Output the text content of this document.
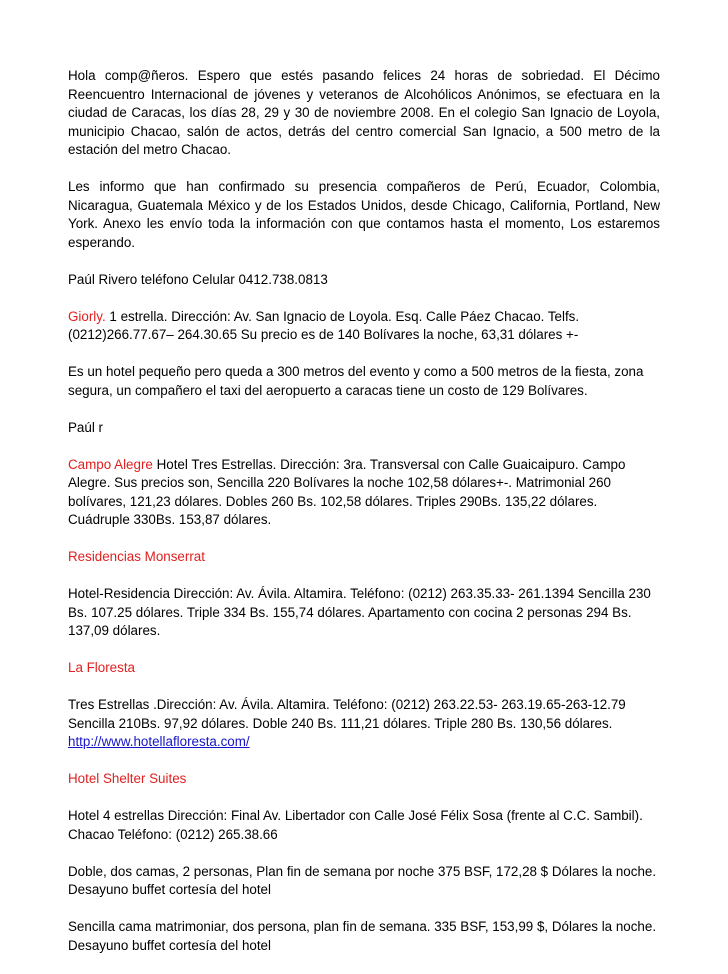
Hola comp@ñeros. Espero que estés pasando felices 24 horas de sobriedad. El Décimo Reencuentro Internacional de jóvenes y veteranos de Alcohólicos Anónimos, se efectuara en la ciudad de Caracas, los días 28, 29 y 30 de noviembre 2008. En el colegio San Ignacio de Loyola, municipio Chacao, salón de actos, detrás del centro comercial San Ignacio, a 500 metro de la estación del metro Chacao.

Les informo que han confirmado su presencia compañeros de Perú, Ecuador, Colombia, Nicaragua, Guatemala México y de los Estados Unidos, desde Chicago, California, Portland, New York. Anexo les envío toda la información con que contamos hasta el momento, Los estaremos esperando.

Paúl Rivero teléfono Celular 0412.738.0813

Giorly. 1 estrella. Dirección: Av. San Ignacio de Loyola. Esq. Calle Páez Chacao. Telfs. (0212)266.77.67– 264.30.65 Su precio es de 140 Bolívares la noche, 63,31 dólares +-

Es un hotel pequeño pero queda a 300 metros del evento y como a 500 metros de la fiesta, zona segura, un compañero el taxi del aeropuerto a caracas tiene un costo de 129 Bolívares.

Paúl r

Campo Alegre Hotel Tres Estrellas. Dirección: 3ra. Transversal con Calle Guaicaipuro. Campo Alegre. Sus precios son, Sencilla 220 Bolívares la noche 102,58 dólares+-. Matrimonial 260 bolívares, 121,23 dólares. Dobles 260 Bs. 102,58 dólares. Triples 290Bs. 135,22 dólares. Cuádruple 330Bs. 153,87 dólares.

Residencias Monserrat

Hotel-Residencia Dirección: Av. Ávila. Altamira. Teléfono: (0212) 263.35.33- 261.1394 Sencilla 230 Bs. 107.25 dólares. Triple 334 Bs. 155,74 dólares. Apartamento con cocina 2 personas 294 Bs. 137,09 dólares.

La Floresta

Tres Estrellas .Dirección: Av. Ávila. Altamira. Teléfono: (0212) 263.22.53- 263.19.65-263-12.79 Sencilla 210Bs. 97,92 dólares. Doble 240 Bs. 111,21 dólares. Triple 280 Bs. 130,56 dólares. http://www.hotellafloresta.com/

Hotel Shelter Suites

Hotel 4 estrellas Dirección: Final Av. Libertador con Calle José Félix Sosa (frente al C.C. Sambil). Chacao Teléfono: (0212) 265.38.66

Doble, dos camas, 2 personas, Plan fin de semana por noche 375 BSF, 172,28 $ Dólares la noche. Desayuno buffet cortesía del hotel

Sencilla cama matrimoniar, dos persona, plan fin de semana. 335 BSF, 153,99 $, Dólares la noche. Desayuno buffet cortesía del hotel
